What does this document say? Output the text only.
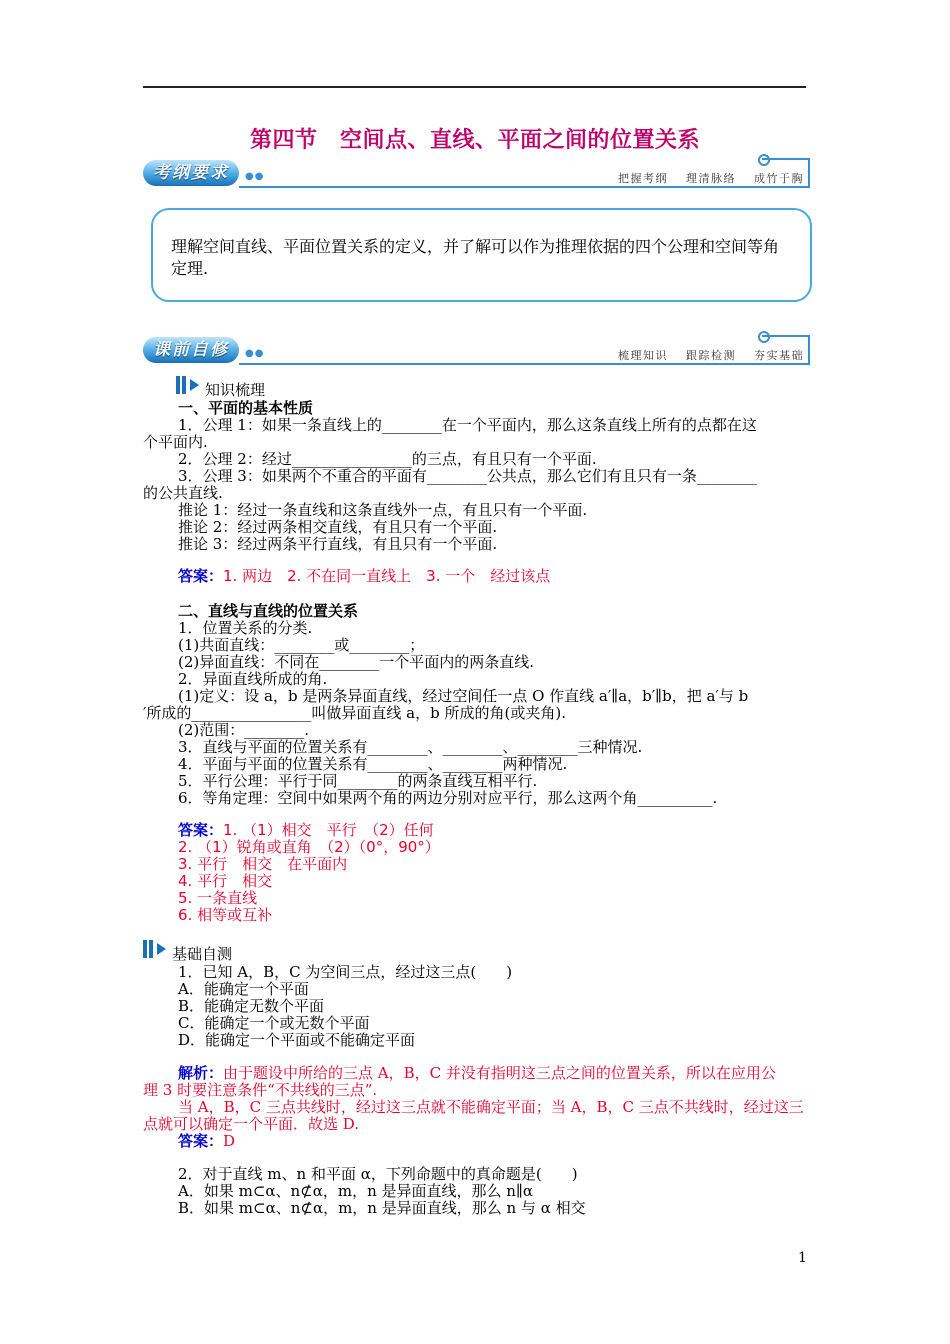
第四节　空间点、直线、平面之间的位置关系
考纲要求	●●	把握考纲 理清脉络 成竹于胸
理解空间直线、平面位置关系的定义，并了解可以作为推理依据的四个公理和空间等角定理.
课前自修	●●	梳理知识 跟踪检测 夯实基础
知识梳理
一、平面的基本性质
1．公理 1：如果一条直线上的________在一个平面内，那么这条直线上所有的点都在这
个平面内.
2．公理 2：经过________________的三点，有且只有一个平面.
3．公理 3：如果两个不重合的平面有________公共点，那么它们有且只有一条________
的公共直线.
推论 1：经过一条直线和这条直线外一点，有且只有一个平面.
推论 2：经过两条相交直线，有且只有一个平面.
推论 3：经过两条平行直线，有且只有一个平面.
答案：1. 两边　2. 不在同一直线上　3. 一个　经过该点
二、直线与直线的位置关系
1．位置关系的分类.
(1)共面直线：________或________；
(2)异面直线：不同在________一个平面内的两条直线.
2．异面直线所成的角.
(1)定义：设 a，b 是两条异面直线，经过空间任一点 O 作直线 a′∥a，b′∥b，把 a′与 b
′所成的________________叫做异面直线 a，b 所成的角(或夹角).
(2)范围：________.
3．直线与平面的位置关系有________、________、________三种情况.
4．平面与平面的位置关系有________、________两种情况.
5．平行公理：平行于同________的两条直线互相平行.
6．等角定理：空间中如果两个角的两边分别对应平行，那么这两个角__________.
答案：1. （1）相交　平行　（2）任何
2. （1）锐角或直角　（2）（0°，90°）
3. 平行　相交　在平面内
4. 平行　相交
5. 一条直线
6. 相等或互补
基础自测
1．已知 A，B，C 为空间三点，经过这三点(　　)
A．能确定一个平面
B．能确定无数个平面
C．能确定一个或无数个平面
D．能确定一个平面或不能确定平面
解析：由于题设中所给的三点 A，B，C 并没有指明这三点之间的位置关系，所以在应用公
理 3 时要注意条件“不共线的三点”.
当 A，B，C 三点共线时，经过这三点就不能确定平面；当 A，B，C 三点不共线时，经过这三
点就可以确定一个平面．故选 D.
答案：D
2．对于直线 m、n 和平面 α，下列命题中的真命题是(　　)
A．如果 m⊂α、n⊄α，m，n 是异面直线，那么 n∥α
B．如果 m⊂α、n⊄α，m，n 是异面直线，那么 n 与 α 相交
1
